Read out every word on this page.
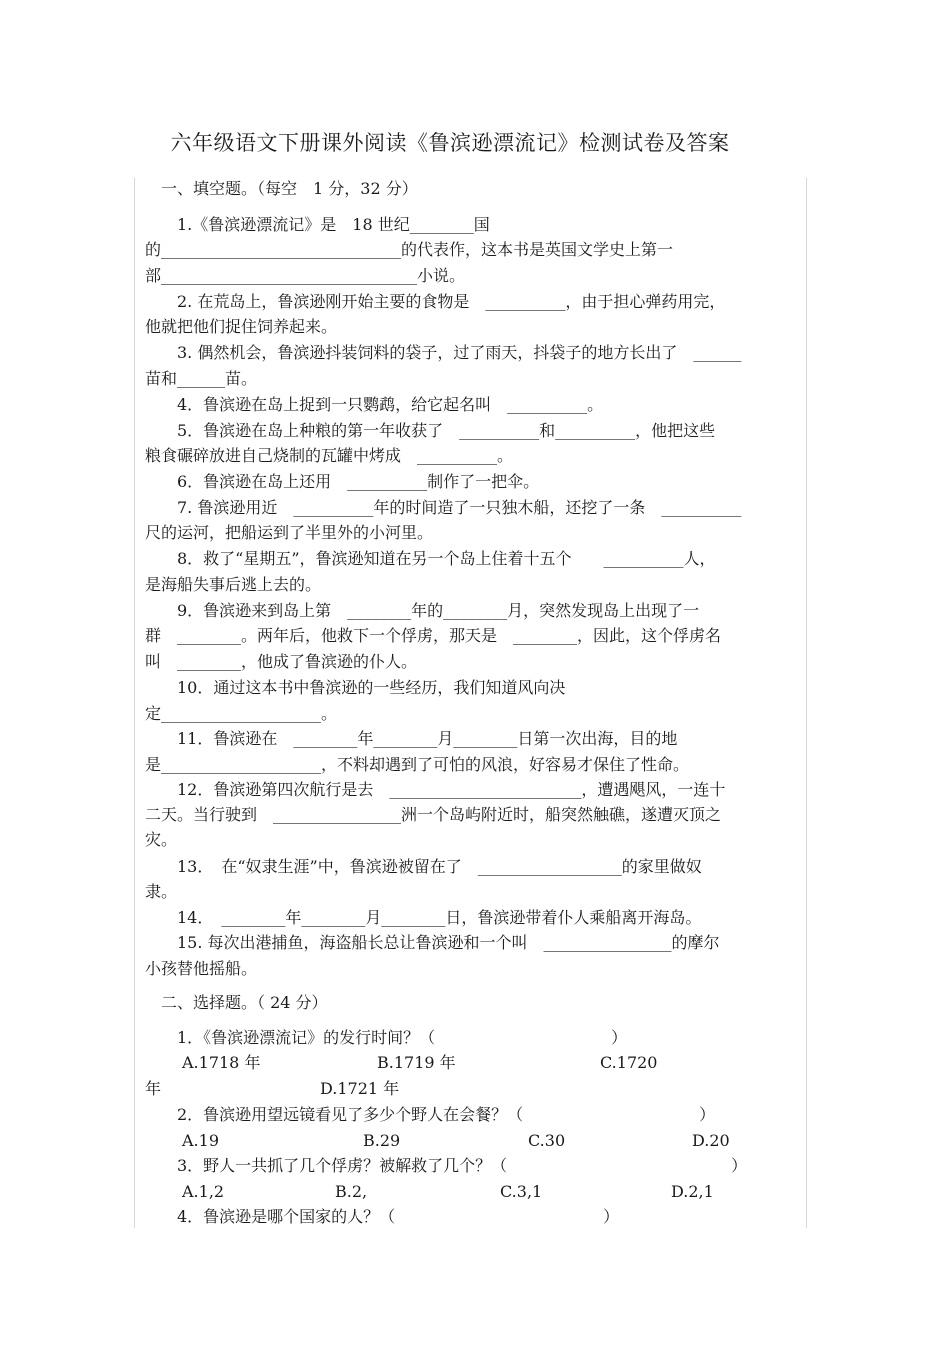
六年级语文下册课外阅读《鲁滨逊漂流记》检测试卷及答案
　一、填空题。（每空　1 分，32 分）
　　1.《鲁滨逊漂流记》是　18 世纪________国
的______________________________的代表作，这本书是英国文学史上第一
部________________________________小说。
　　2. 在荒岛上，鲁滨逊刚开始主要的食物是　__________，由于担心弹药用完，
他就把他们捉住饲养起来。
　　3. 偶然机会，鲁滨逊抖装饲料的袋子，过了雨天，抖袋子的地方长出了　______
苗和______苗。
　　4．鲁滨逊在岛上捉到一只鹦鹉，给它起名叫　__________。
　　5．鲁滨逊在岛上种粮的第一年收获了　__________和__________，他把这些
粮食碾碎放进自己烧制的瓦罐中烤成　__________。
　　6．鲁滨逊在岛上还用　__________制作了一把伞。
　　7. 鲁滨逊用近　__________年的时间造了一只独木船，还挖了一条　__________
尺的运河，把船运到了半里外的小河里。
　　8．救了“星期五”，鲁滨逊知道在另一个岛上住着十五个　　__________人，
是海船失事后逃上去的。
　　9．鲁滨逊来到岛上第　________年的________月，突然发现岛上出现了一
群　________。两年后，他救下一个俘虏，那天是　________，因此，这个俘虏名
叫　________，他成了鲁滨逊的仆人。
　　10．通过这本书中鲁滨逊的一些经历，我们知道风向决
定____________________。
　　11．鲁滨逊在　________年________月________日第一次出海，目的地
是____________________，不料却遇到了可怕的风浪，好容易才保住了性命。
　　12．鲁滨逊第四次航行是去　________________________，遭遇飓风，一连十
二天。当行驶到　________________洲一个岛屿附近时，船突然触礁，遂遭灭顶之
灾。
　　13．　在“奴隶生涯”中，鲁滨逊被留在了　__________________的家里做奴
隶。
　　14．　________年________月________日，鲁滨逊带着仆人乘船离开海岛。
　　15. 每次出港捕鱼，海盗船长总让鲁滨逊和一个叫　________________的摩尔
小孩替他摇船。
　二、选择题。（ 24 分）
　　1．《鲁滨逊漂流记》的发行时间？（　　　　　　　　　　　）
A.1718 年	B.1719 年	C.1720
年	D.1721 年
　　2．鲁滨逊用望远镜看见了多少个野人在会餐？（　　　　　　　　　　　）
A.19	B.29	C.30	D.20
　　3．野人一共抓了几个俘虏？被解救了几个？（　　　　　　　　　　　　　　）
A.1,2	B.2,	C.3,1	D.2,1
　　4．鲁滨逊是哪个国家的人？（　　　　　　　　　　　　　）
